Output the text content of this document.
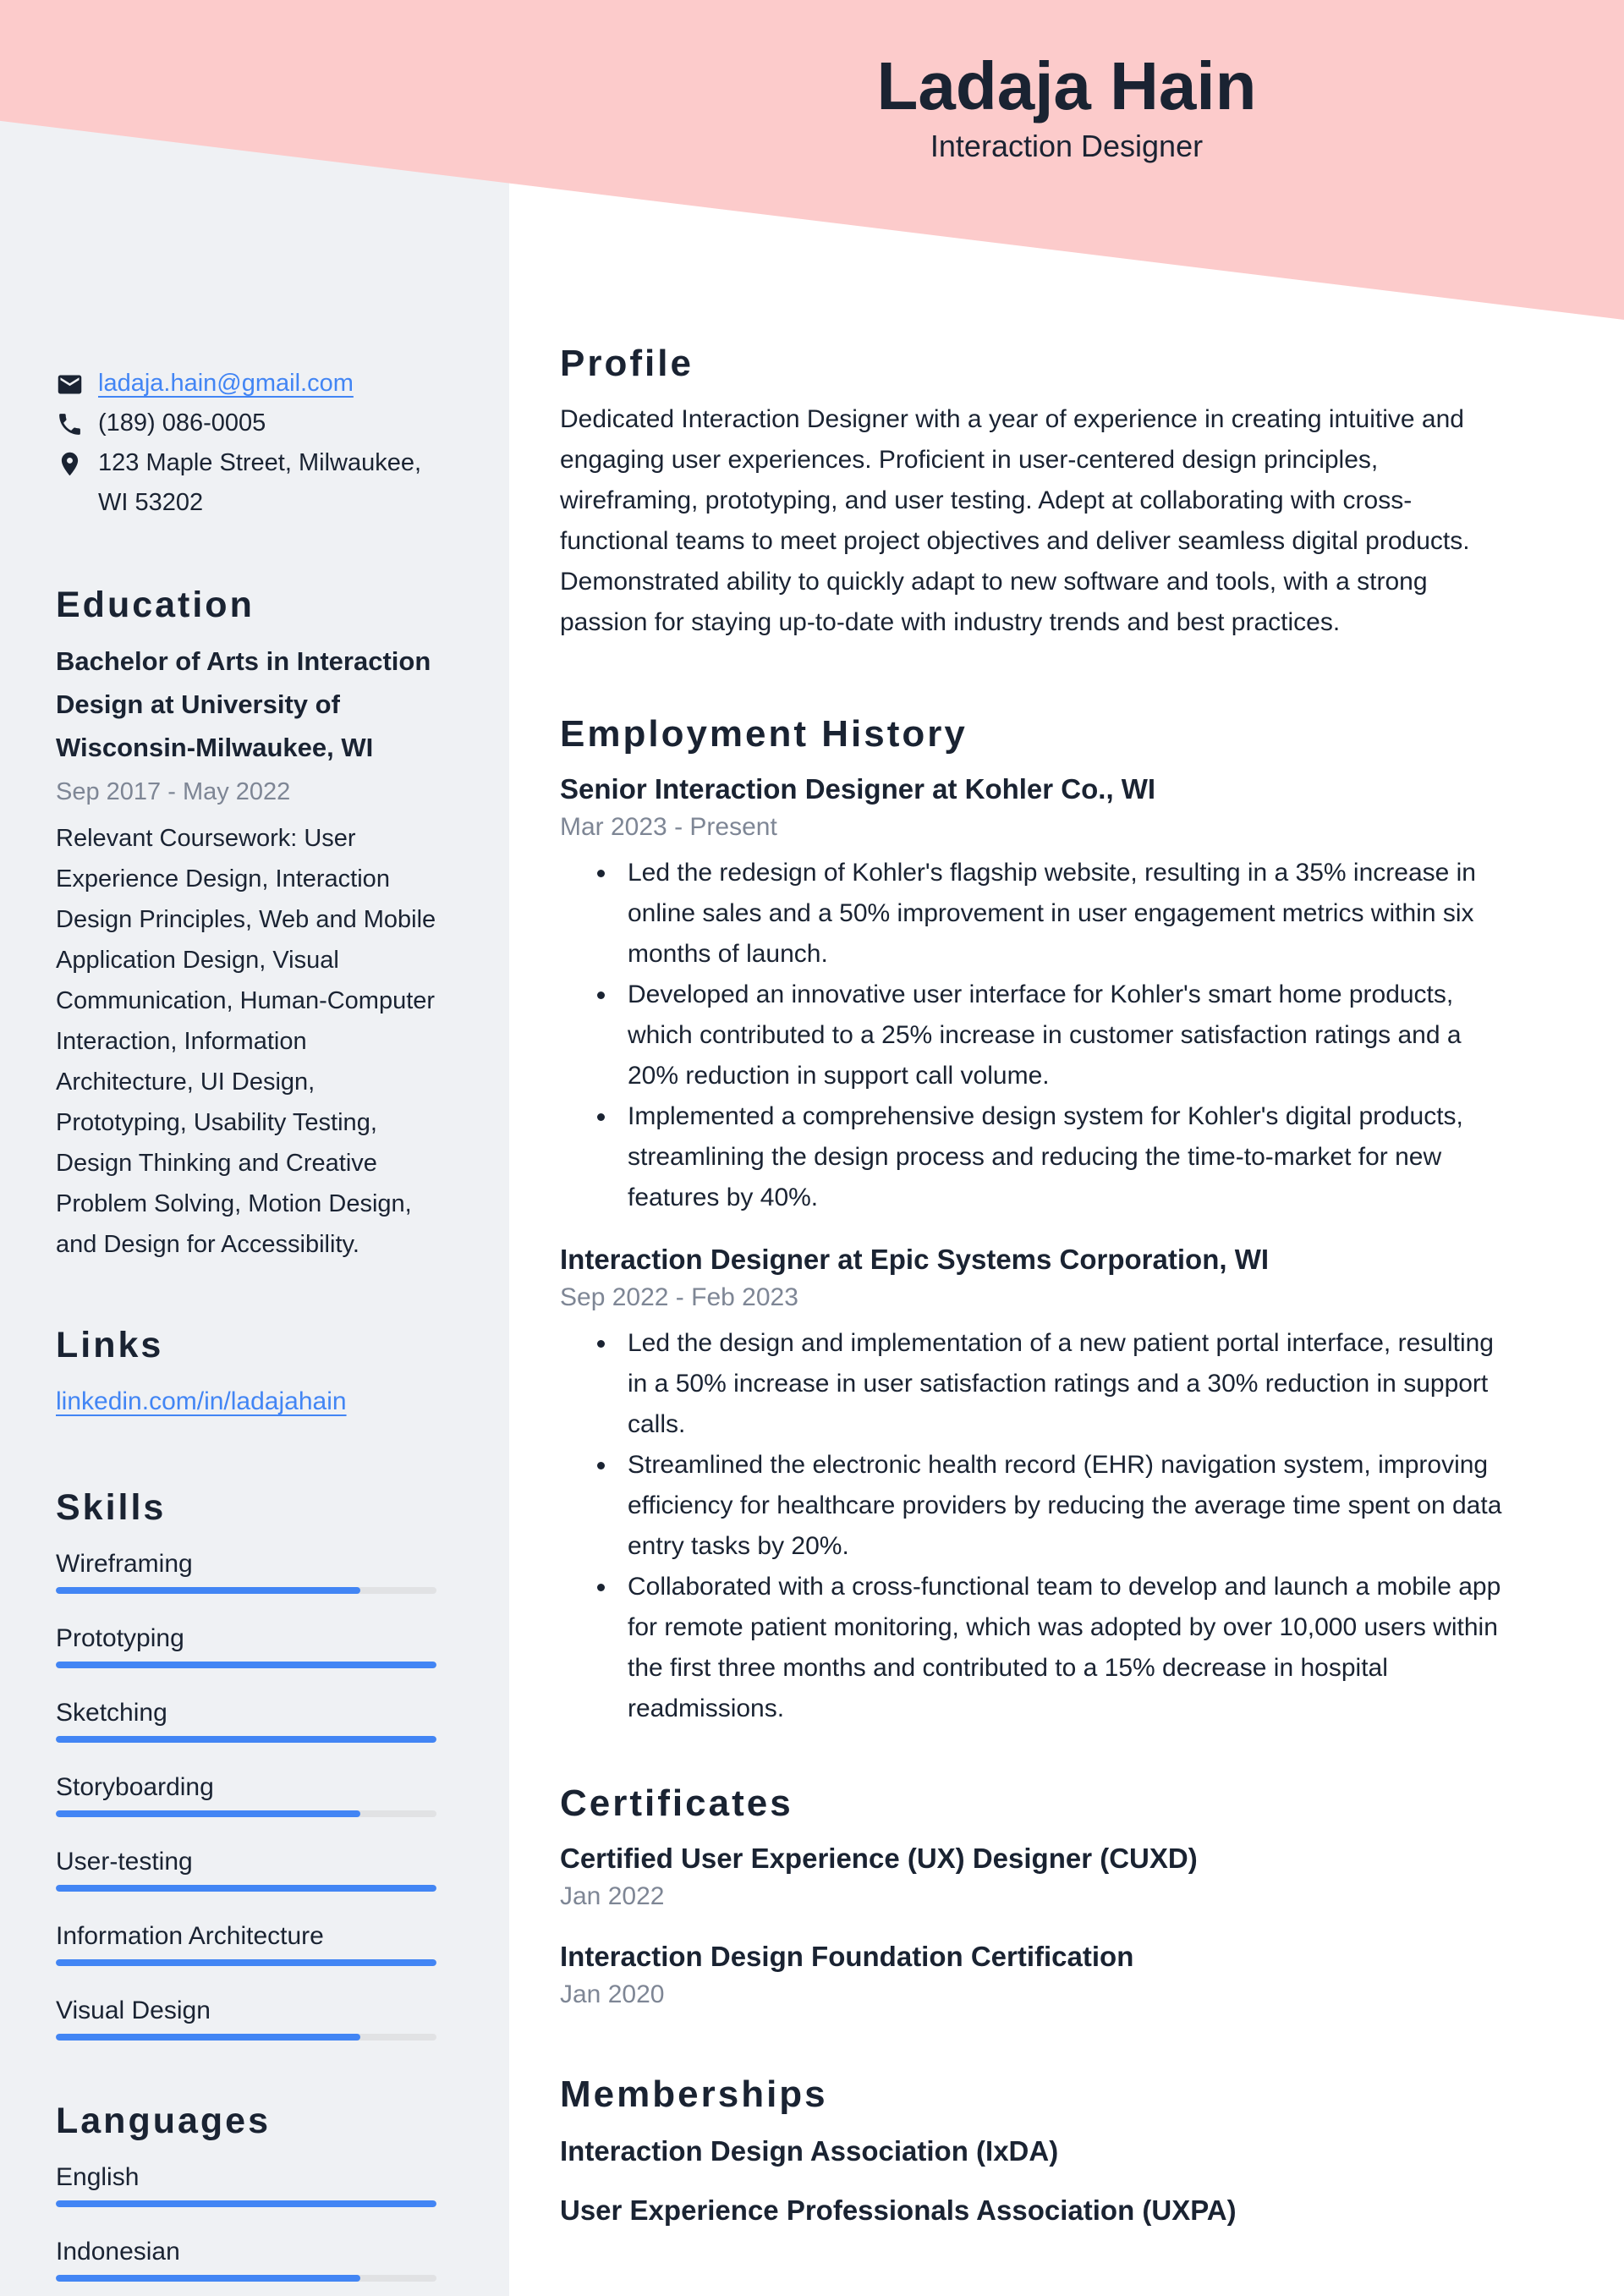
ladaja.hain@gmail.com
(189) 086-0005
123 Maple Street, Milwaukee, WI 53202
Education
Bachelor of Arts in Interaction Design at University of Wisconsin-Milwaukee, WI
Sep 2017 - May 2022
Relevant Coursework: User Experience Design, Interaction Design Principles, Web and Mobile Application Design, Visual Communication, Human-Computer Interaction, Information Architecture, UI Design, Prototyping, Usability Testing, Design Thinking and Creative Problem Solving, Motion Design, and Design for Accessibility.
Links
linkedin.com/in/ladajahain
Skills
Wireframing
Prototyping
Sketching
Storyboarding
User-testing
Information Architecture
Visual Design
Languages
English
Indonesian
Ladaja Hain
Interaction Designer
Profile

Dedicated Interaction Designer with a year of experience in creating intuitive and engaging user experiences. Proficient in user-centered design principles, wireframing, prototyping, and user testing. Adept at collaborating with cross-functional teams to meet project objectives and deliver seamless digital products. Demonstrated ability to quickly adapt to new software and tools, with a strong passion for staying up-to-date with industry trends and best practices.

Employment History
Senior Interaction Designer at Kohler Co., WI
Mar 2023 - Present
Led the redesign of Kohler's flagship website, resulting in a 35% increase in online sales and a 50% improvement in user engagement metrics within six months of launch.
Developed an innovative user interface for Kohler's smart home products, which contributed to a 25% increase in customer satisfaction ratings and a 20% reduction in support call volume.
Implemented a comprehensive design system for Kohler's digital products, streamlining the design process and reducing the time-to-market for new features by 40%.
Interaction Designer at Epic Systems Corporation, WI
Sep 2022 - Feb 2023
Led the design and implementation of a new patient portal interface, resulting in a 50% increase in user satisfaction ratings and a 30% reduction in support calls.
Streamlined the electronic health record (EHR) navigation system, improving efficiency for healthcare providers by reducing the average time spent on data entry tasks by 20%.
Collaborated with a cross-functional team to develop and launch a mobile app for remote patient monitoring, which was adopted by over 10,000 users within the first three months and contributed to a 15% decrease in hospital readmissions.
Certificates
Certified User Experience (UX) Designer (CUXD)
Jan 2022
Interaction Design Foundation Certification
Jan 2020
Memberships
Interaction Design Association (IxDA)
User Experience Professionals Association (UXPA)
